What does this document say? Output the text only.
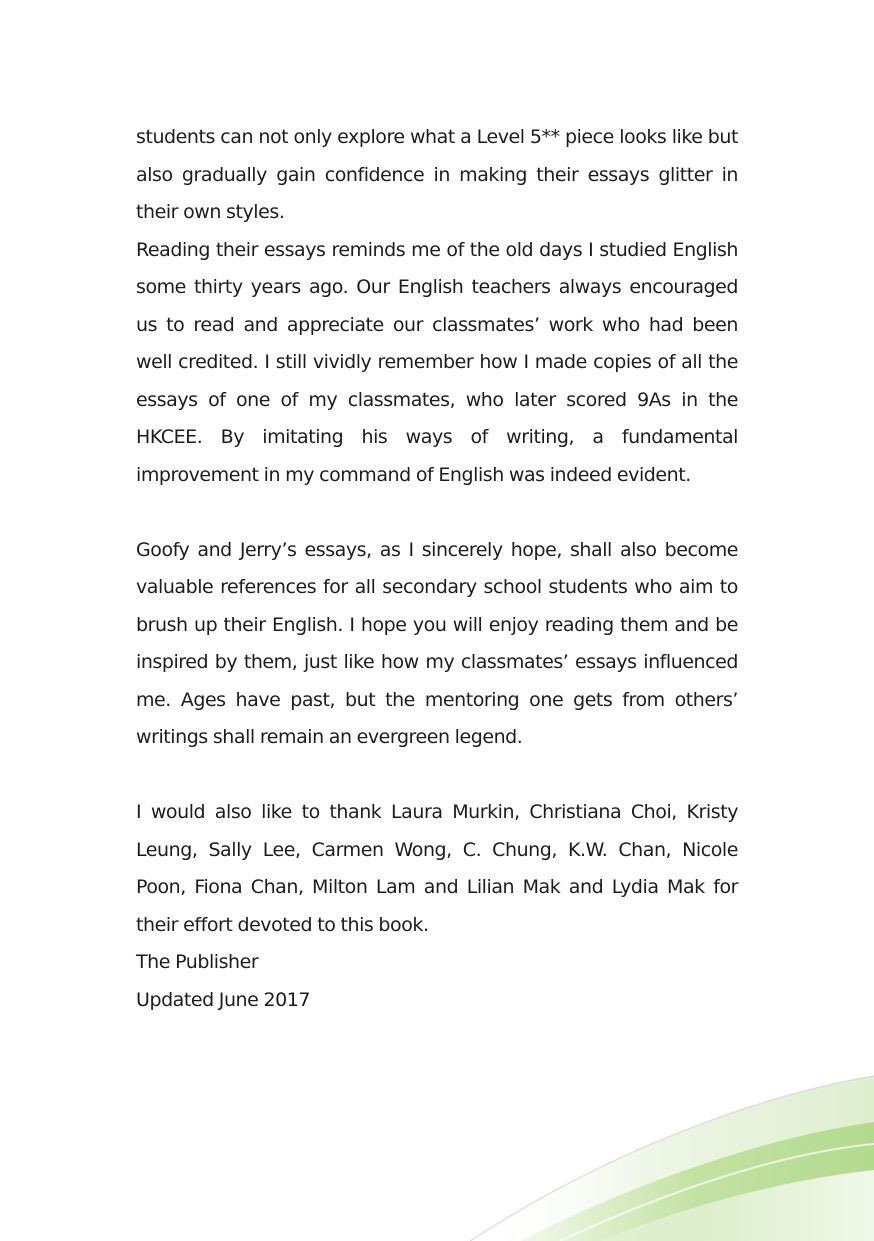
students can not only explore what a Level 5** piece looks like but also gradually gain confidence in making their essays glitter in their own styles.

Reading their essays reminds me of the old days I studied English some thirty years ago. Our English teachers always encouraged us to read and appreciate our classmates’ work who had been well credited. I still vividly remember how I made copies of all the essays of one of my classmates, who later scored 9As in the HKCEE. By imitating his ways of writing, a fundamental improvement in my command of English was indeed evident.

Goofy and Jerry’s essays, as I sincerely hope, shall also become valuable references for all secondary school students who aim to brush up their English. I hope you will enjoy reading them and be inspired by them, just like how my classmates’ essays influenced me. Ages have past, but the mentoring one gets from others’ writings shall remain an evergreen legend.

I would also like to thank Laura Murkin, Christiana Choi, Kristy Leung, Sally Lee, Carmen Wong, C. Chung, K.W. Chan, Nicole Poon, Fiona Chan, Milton Lam and Lilian Mak and Lydia Mak for their effort devoted to this book.

The Publisher

Updated June 2017
